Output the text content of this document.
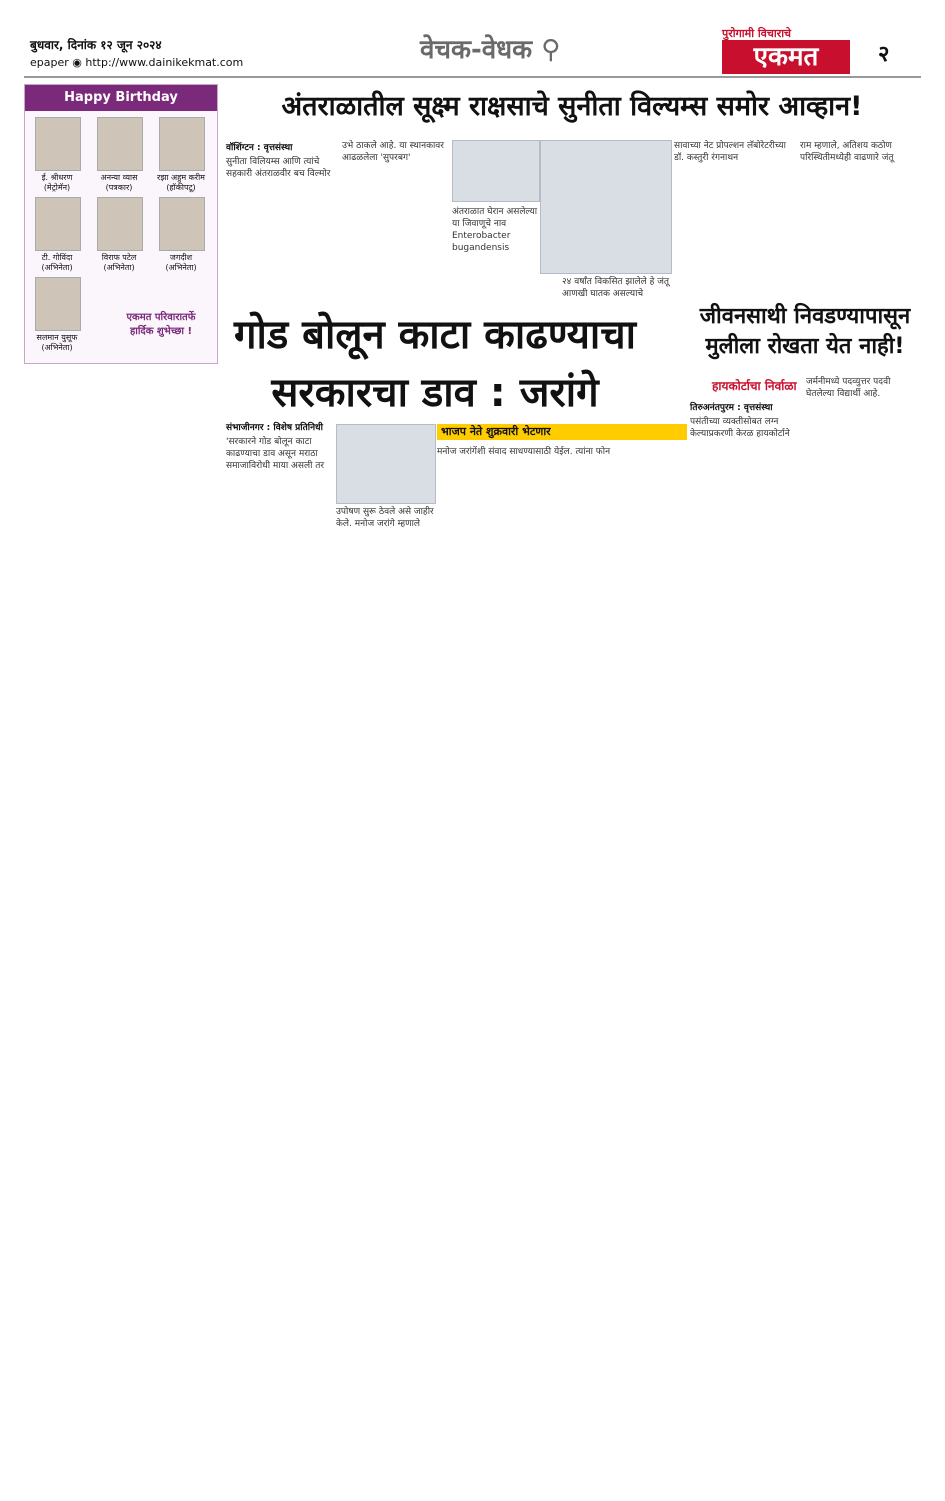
बुधवार, दिनांक १२ जून २०२४
epaper ◉ http://www.dainikekmat.com	वेचक-वेधक ⚲
पुरोगामी विचाराचे
एकमत	२
Happy Birthday
ई. श्रीधरण
(मेट्रोमॅन)
अनन्या व्यास
(पत्रकार)
रझा अहुम करीम
(हॉकीपटू)
टी. गोविंदा
(अभिनेता)
विराफ पटेल
(अभिनेता)
जगदीश
(अभिनेता)
सलमान युसूफ
(अभिनेता)
एकमत परिवारातर्फे
हार्दिक शुभेच्छा !
अंतराळातील सूक्ष्म राक्षसाचे सुनीता विल्यम्स समोर आव्हान!
वॉशिंग्टन : वृत्तसंस्था
सुनीता विलियम्स आणि त्यांचे सहकारी अंतराळवीर बच विल्मोर
उभे ठाकले आहे. या स्थानकावर आढळलेला 'सुपरबग'
अंतराळात घेरान असलेल्या या जिवाणूचे नाव Enterobacter bugandensis
२४ वर्षांत विकसित झालेले हे जंतू आणखी घातक असल्याचे
सावाच्या नेट प्रोपल्शन लॅबोरेटरीच्या डॉ. कस्तुरी रंगनाथन
राम म्हणाले, अतिशय कठोण परिस्थितीमध्येही वाढणारे जंतू
गोड बोलून काटा काढण्याचा
सरकारचा डाव : जरांगे
संभाजीनगर : विशेष प्रतिनिधी
'सरकारने गोड बोलून काटा काढण्याचा डाव असून मराठा समाजाविरोधी माया असली तर
उपोषण सुरू ठेवले असे जाहीर केले. मनोज जरांगे म्हणाले
भाजप नेते शुक्रवारी भेटणार
मनोज जरांगेंशी संवाद साधण्यासाठी येईल. त्यांना फोन
जीवनसाथी निवडण्यापासून मुलीला रोखता येत नाही!
हायकोर्टाचा निर्वाळा
तिरुअनंतपुरम : वृत्तसंस्था
पसंतीच्या व्यक्तीसोबत लग्न केल्याप्रकरणी केरळ हायकोर्टाने
जर्मनीमध्ये पदव्युत्तर पदवी घेतलेल्या विद्यार्थी आहे.
